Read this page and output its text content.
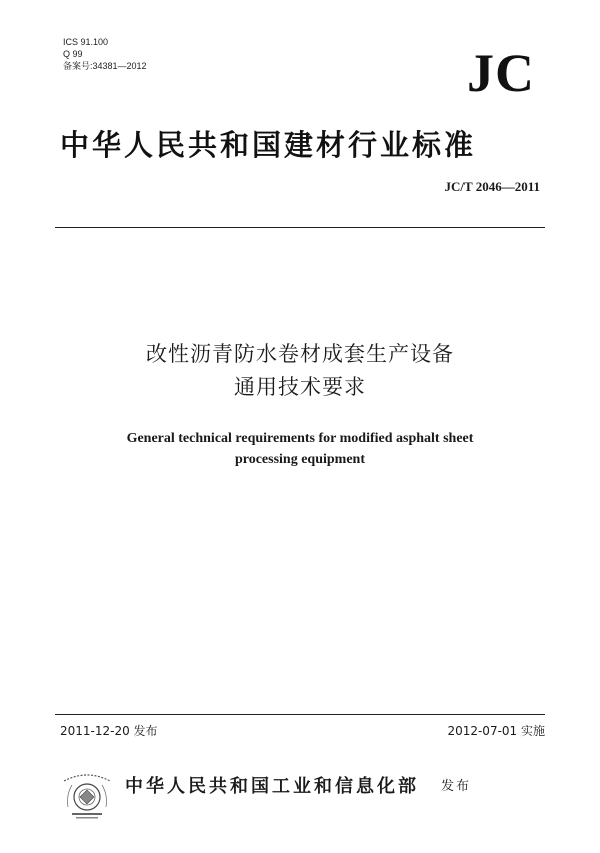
ICS 91.100
Q 99
备案号:34381—2012	JC
中华人民共和国建材行业标准
JC/T 2046—2011
改性沥青防水卷材成套生产设备
通用技术要求
General technical requirements for modified asphalt sheet
processing equipment
2011-12-20 发布	2012-07-01 实施
中华人民共和国工业和信息化部 发布
